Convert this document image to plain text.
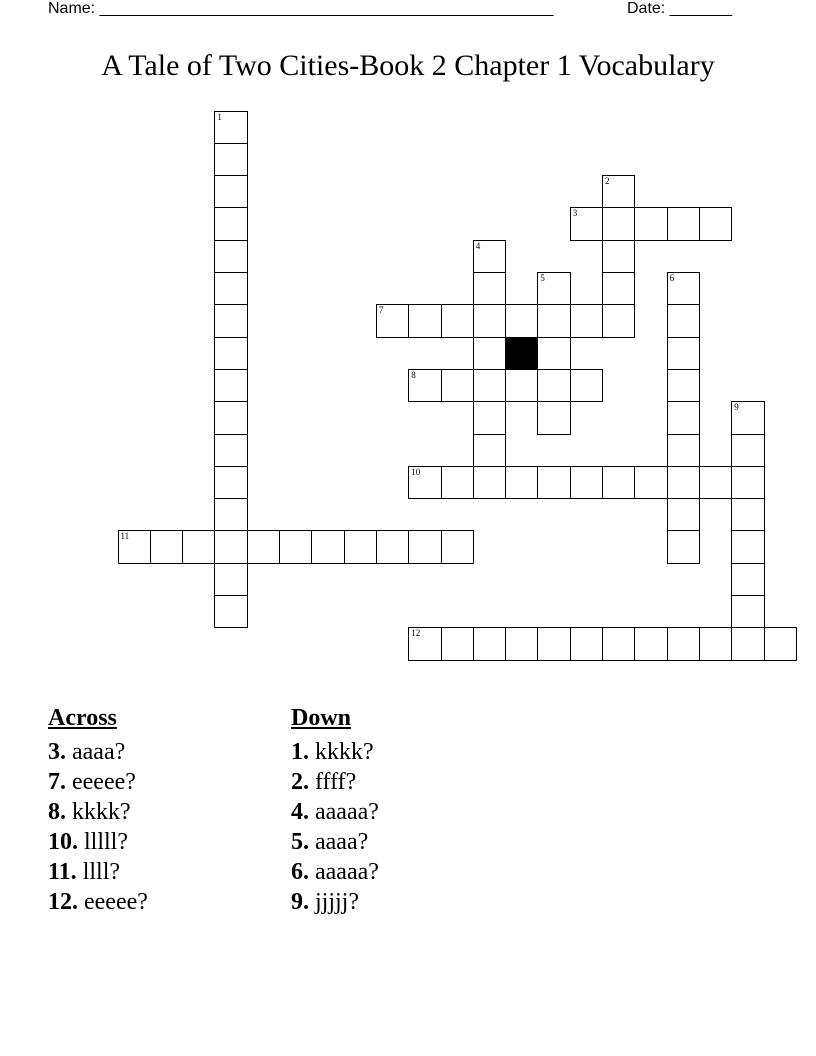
Name: ___________________________________________________	Date: _______
A Tale of Two Cities-Book 2 Chapter 1 Vocabulary
1
2
3
4
5	6
7
8
9
10
11
12
Across
3. aaaa?
7. eeeee?
8. kkkk?
10. lllll?
11. llll?
12. eeeee?
Down
1. kkkk?
2. ffff?
4. aaaaa?
5. aaaa?
6. aaaaa?
9. jjjjj?
